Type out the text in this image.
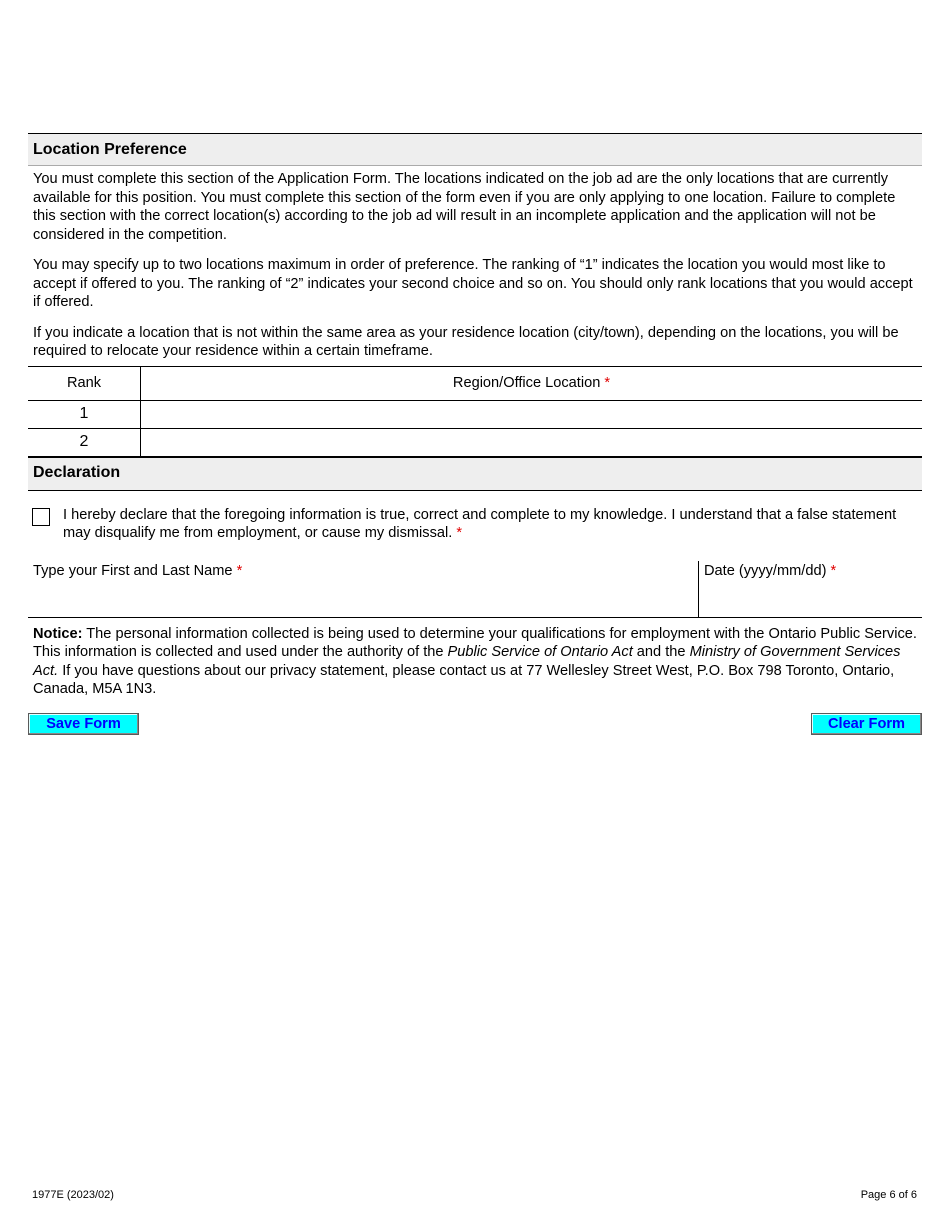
Location Preference

You must complete this section of the Application Form. The locations indicated on the job ad are the only locations that are currently available for this position. You must complete this section of the form even if you are only applying to one location. Failure to complete this section with the correct location(s) according to the job ad will result in an incomplete application and the application will not be considered in the competition.

You may specify up to two locations maximum in order of preference. The ranking of “1” indicates the location you would most like to accept if offered to you. The ranking of “2” indicates your second choice and so on. You should only rank locations that you would accept if offered.

If you indicate a location that is not within the same area as your residence location (city/town), depending on the locations, you will be required to relocate your residence within a certain timeframe.

Rank	Region/Office Location *
1	
2	
Declaration
I hereby declare that the foregoing information is true, correct and complete to my knowledge. I understand that a false statement may disqualify me from employment, or cause my dismissal. *
Type your First and Last Name *	Date (yyyy/mm/dd) *

Notice: The personal information collected is being used to determine your qualifications for employment with the Ontario Public Service. This information is collected and used under the authority of the Public Service of Ontario Act and the Ministry of Government Services Act. If you have questions about our privacy statement, please contact us at 77 Wellesley Street West, P.O. Box 798 Toronto, Ontario, Canada, M5A 1N3.

Save Form	Clear Form
1977E (2023/02)	Page 6 of 6
